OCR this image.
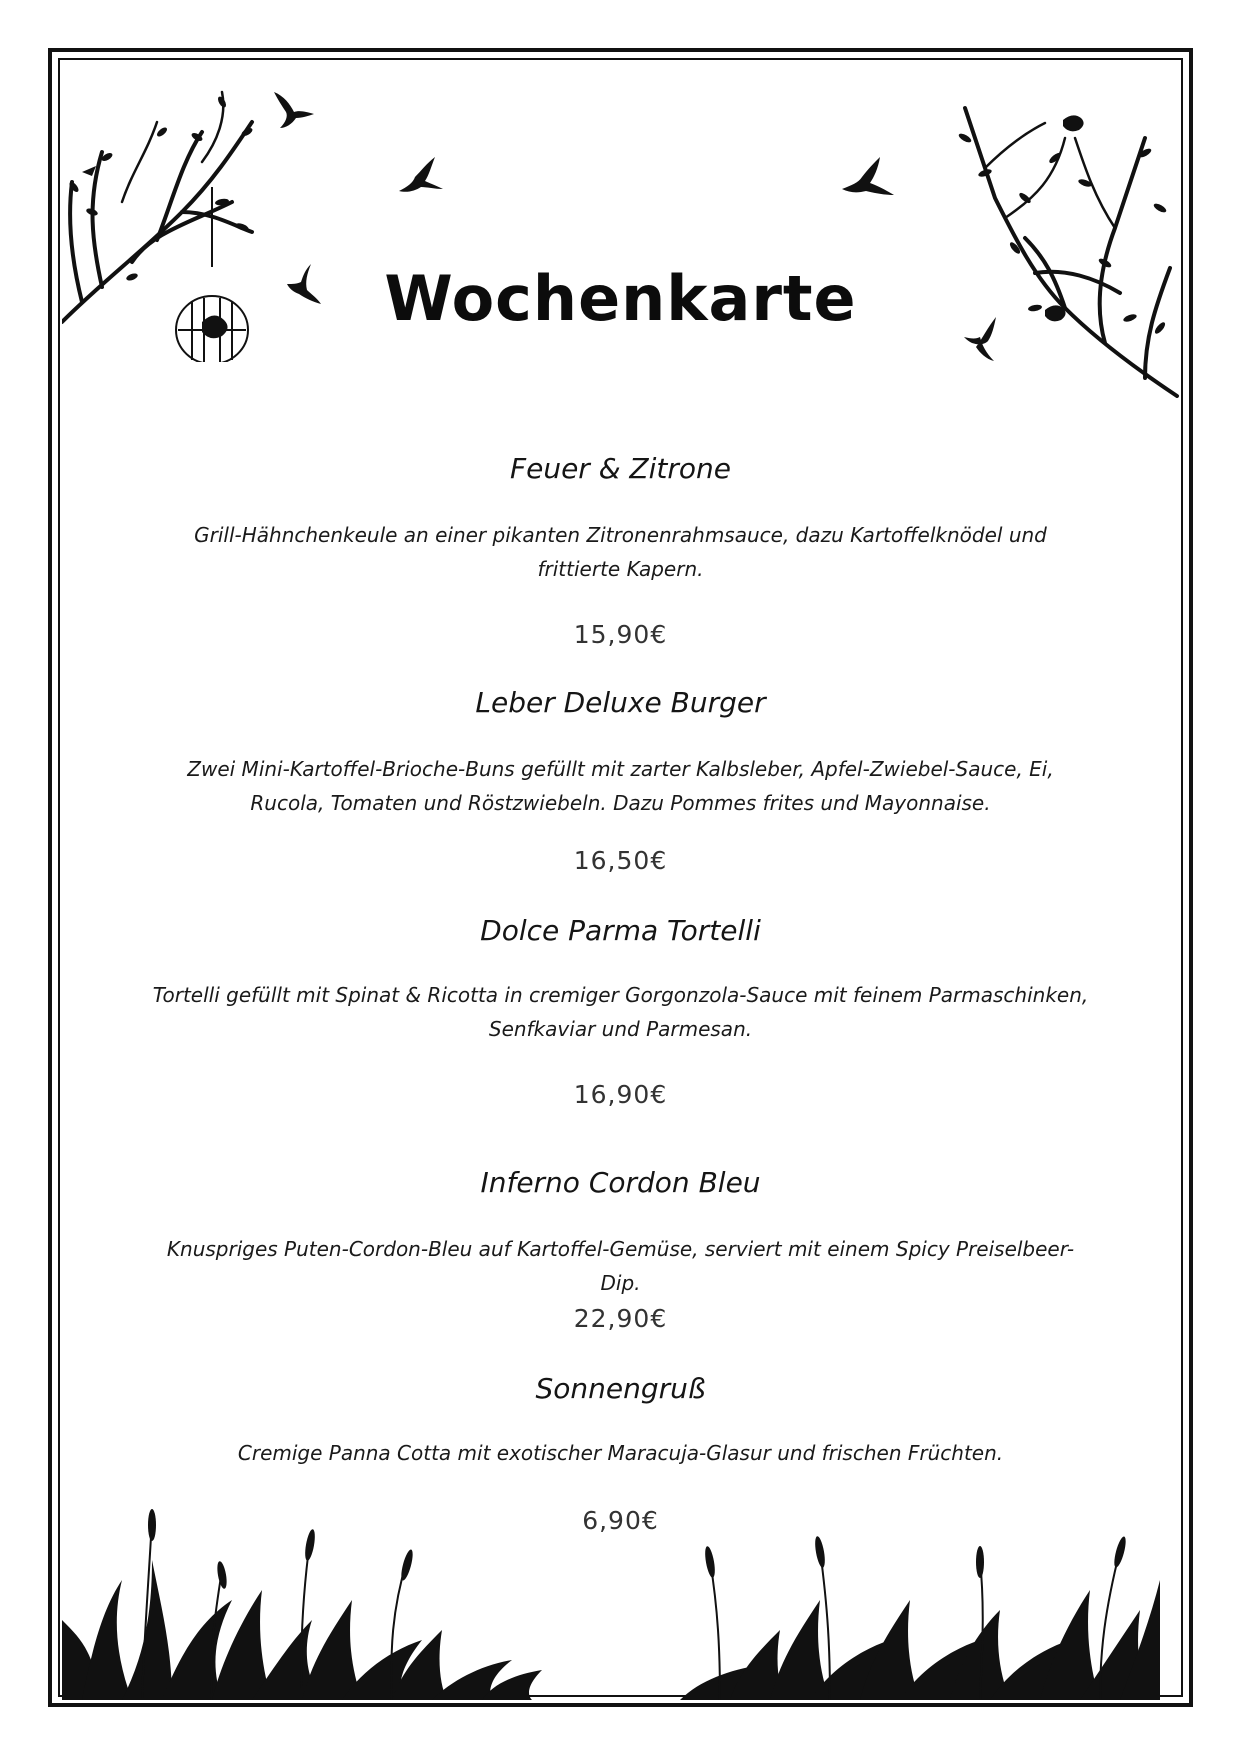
Wochenkarte
Feuer & Zitrone
Grill-Hähnchenkeule an einer pikanten Zitronenrahmsauce, dazu Kartoffelknödel und frittierte Kapern.
15,90€
Leber Deluxe Burger
Zwei Mini-Kartoffel-Brioche-Buns gefüllt mit zarter Kalbsleber, Apfel-Zwiebel-Sauce, Ei, Rucola, Tomaten und Röstzwiebeln. Dazu Pommes frites und Mayonnaise.
16,50€
Dolce Parma Tortelli
Tortelli gefüllt mit Spinat & Ricotta in cremiger Gorgonzola-Sauce mit feinem Parmaschinken, Senfkaviar und Parmesan.
16,90€
Inferno Cordon Bleu
Knuspriges Puten-Cordon-Bleu auf Kartoffel-Gemüse, serviert mit einem Spicy Preiselbeer-Dip.
22,90€
Sonnengruß
Cremige Panna Cotta mit exotischer Maracuja-Glasur und frischen Früchten.
6,90€
